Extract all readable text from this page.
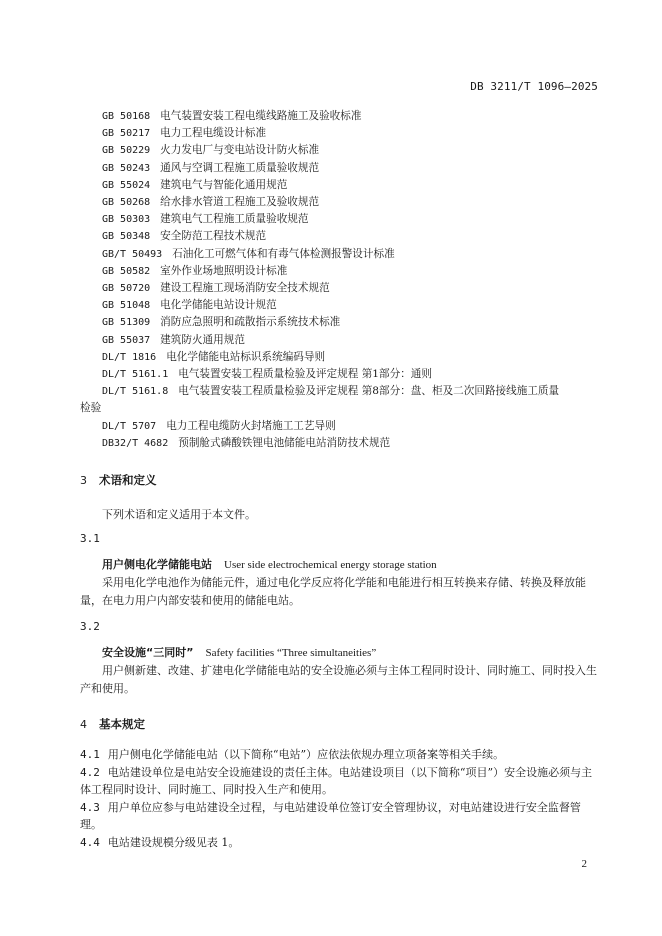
DB 3211/T 1096—2025
GB 50168 电气装置安装工程电缆线路施工及验收标准
GB 50217 电力工程电缆设计标准
GB 50229 火力发电厂与变电站设计防火标准
GB 50243 通风与空调工程施工质量验收规范
GB 55024 建筑电气与智能化通用规范
GB 50268 给水排水管道工程施工及验收规范
GB 50303 建筑电气工程施工质量验收规范
GB 50348 安全防范工程技术规范
GB/T 50493 石油化工可燃气体和有毒气体检测报警设计标准
GB 50582 室外作业场地照明设计标准
GB 50720 建设工程施工现场消防安全技术规范
GB 51048 电化学储能电站设计规范
GB 51309 消防应急照明和疏散指示系统技术标准
GB 55037 建筑防火通用规范
DL/T 1816 电化学储能电站标识系统编码导则
DL/T 5161.1 电气装置安装工程质量检验及评定规程 第1部分：通则
DL/T 5161.8 电气装置安装工程质量检验及评定规程 第8部分：盘、柜及二次回路接线施工质量
检验
DL/T 5707 电力工程电缆防火封堵施工工艺导则
DB32/T 4682 预制舱式磷酸铁锂电池储能电站消防技术规范
3 术语和定义
下列术语和定义适用于本文件。
3.1
用户侧电化学储能电站 User side electrochemical energy storage station
采用电化学电池作为储能元件，通过电化学反应将化学能和电能进行相互转换来存储、转换及释放能量，在电力用户内部安装和使用的储能电站。
3.2
安全设施“三同时” Safety facilities “Three simultaneities”
用户侧新建、改建、扩建电化学储能电站的安全设施必须与主体工程同时设计、同时施工、同时投入生产和使用。
4 基本规定
4.1 用户侧电化学储能电站（以下简称“电站”）应依法依规办理立项备案等相关手续。
4.2 电站建设单位是电站安全设施建设的责任主体。电站建设项目（以下简称“项目”）安全设施必须与主体工程同时设计、同时施工、同时投入生产和使用。
4.3 用户单位应参与电站建设全过程，与电站建设单位签订安全管理协议，对电站建设进行安全监督管理。
4.4 电站建设规模分级见表 1。
2
